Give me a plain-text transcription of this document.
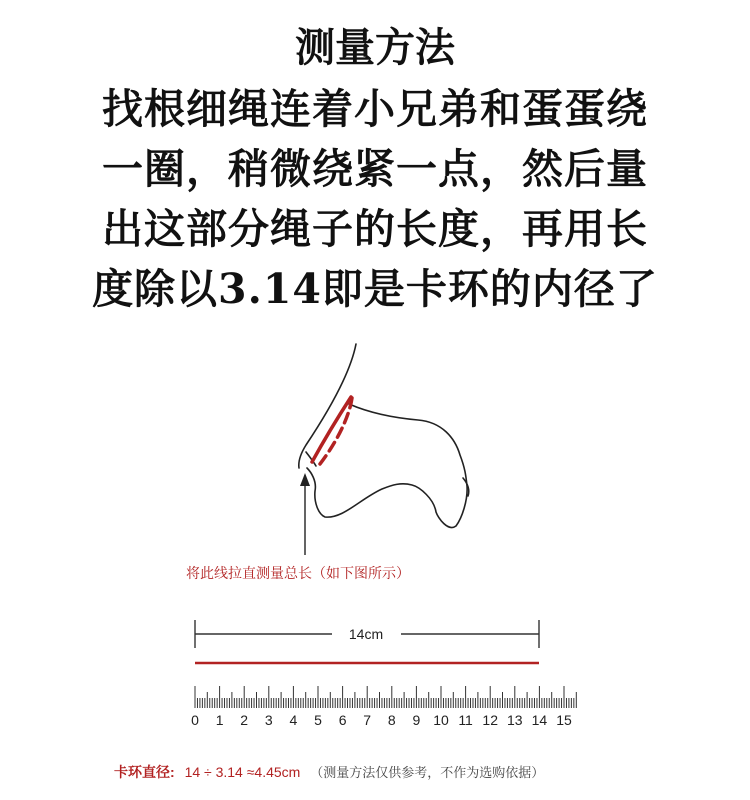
测量方法
找根细绳连着小兄弟和蛋蛋绕
一圈，稍微绕紧一点，然后量
出这部分绳子的长度，再用长
度除以3.14即是卡环的内径了
将此线拉直测量总长（如下图所示）
14cm
0 1 2 3 4 5 6 7 8 9 10 11 12 13 14 15
卡环直径: 14 ÷ 3.14 ≈4.45cm （测量方法仅供参考，不作为选购依据）
